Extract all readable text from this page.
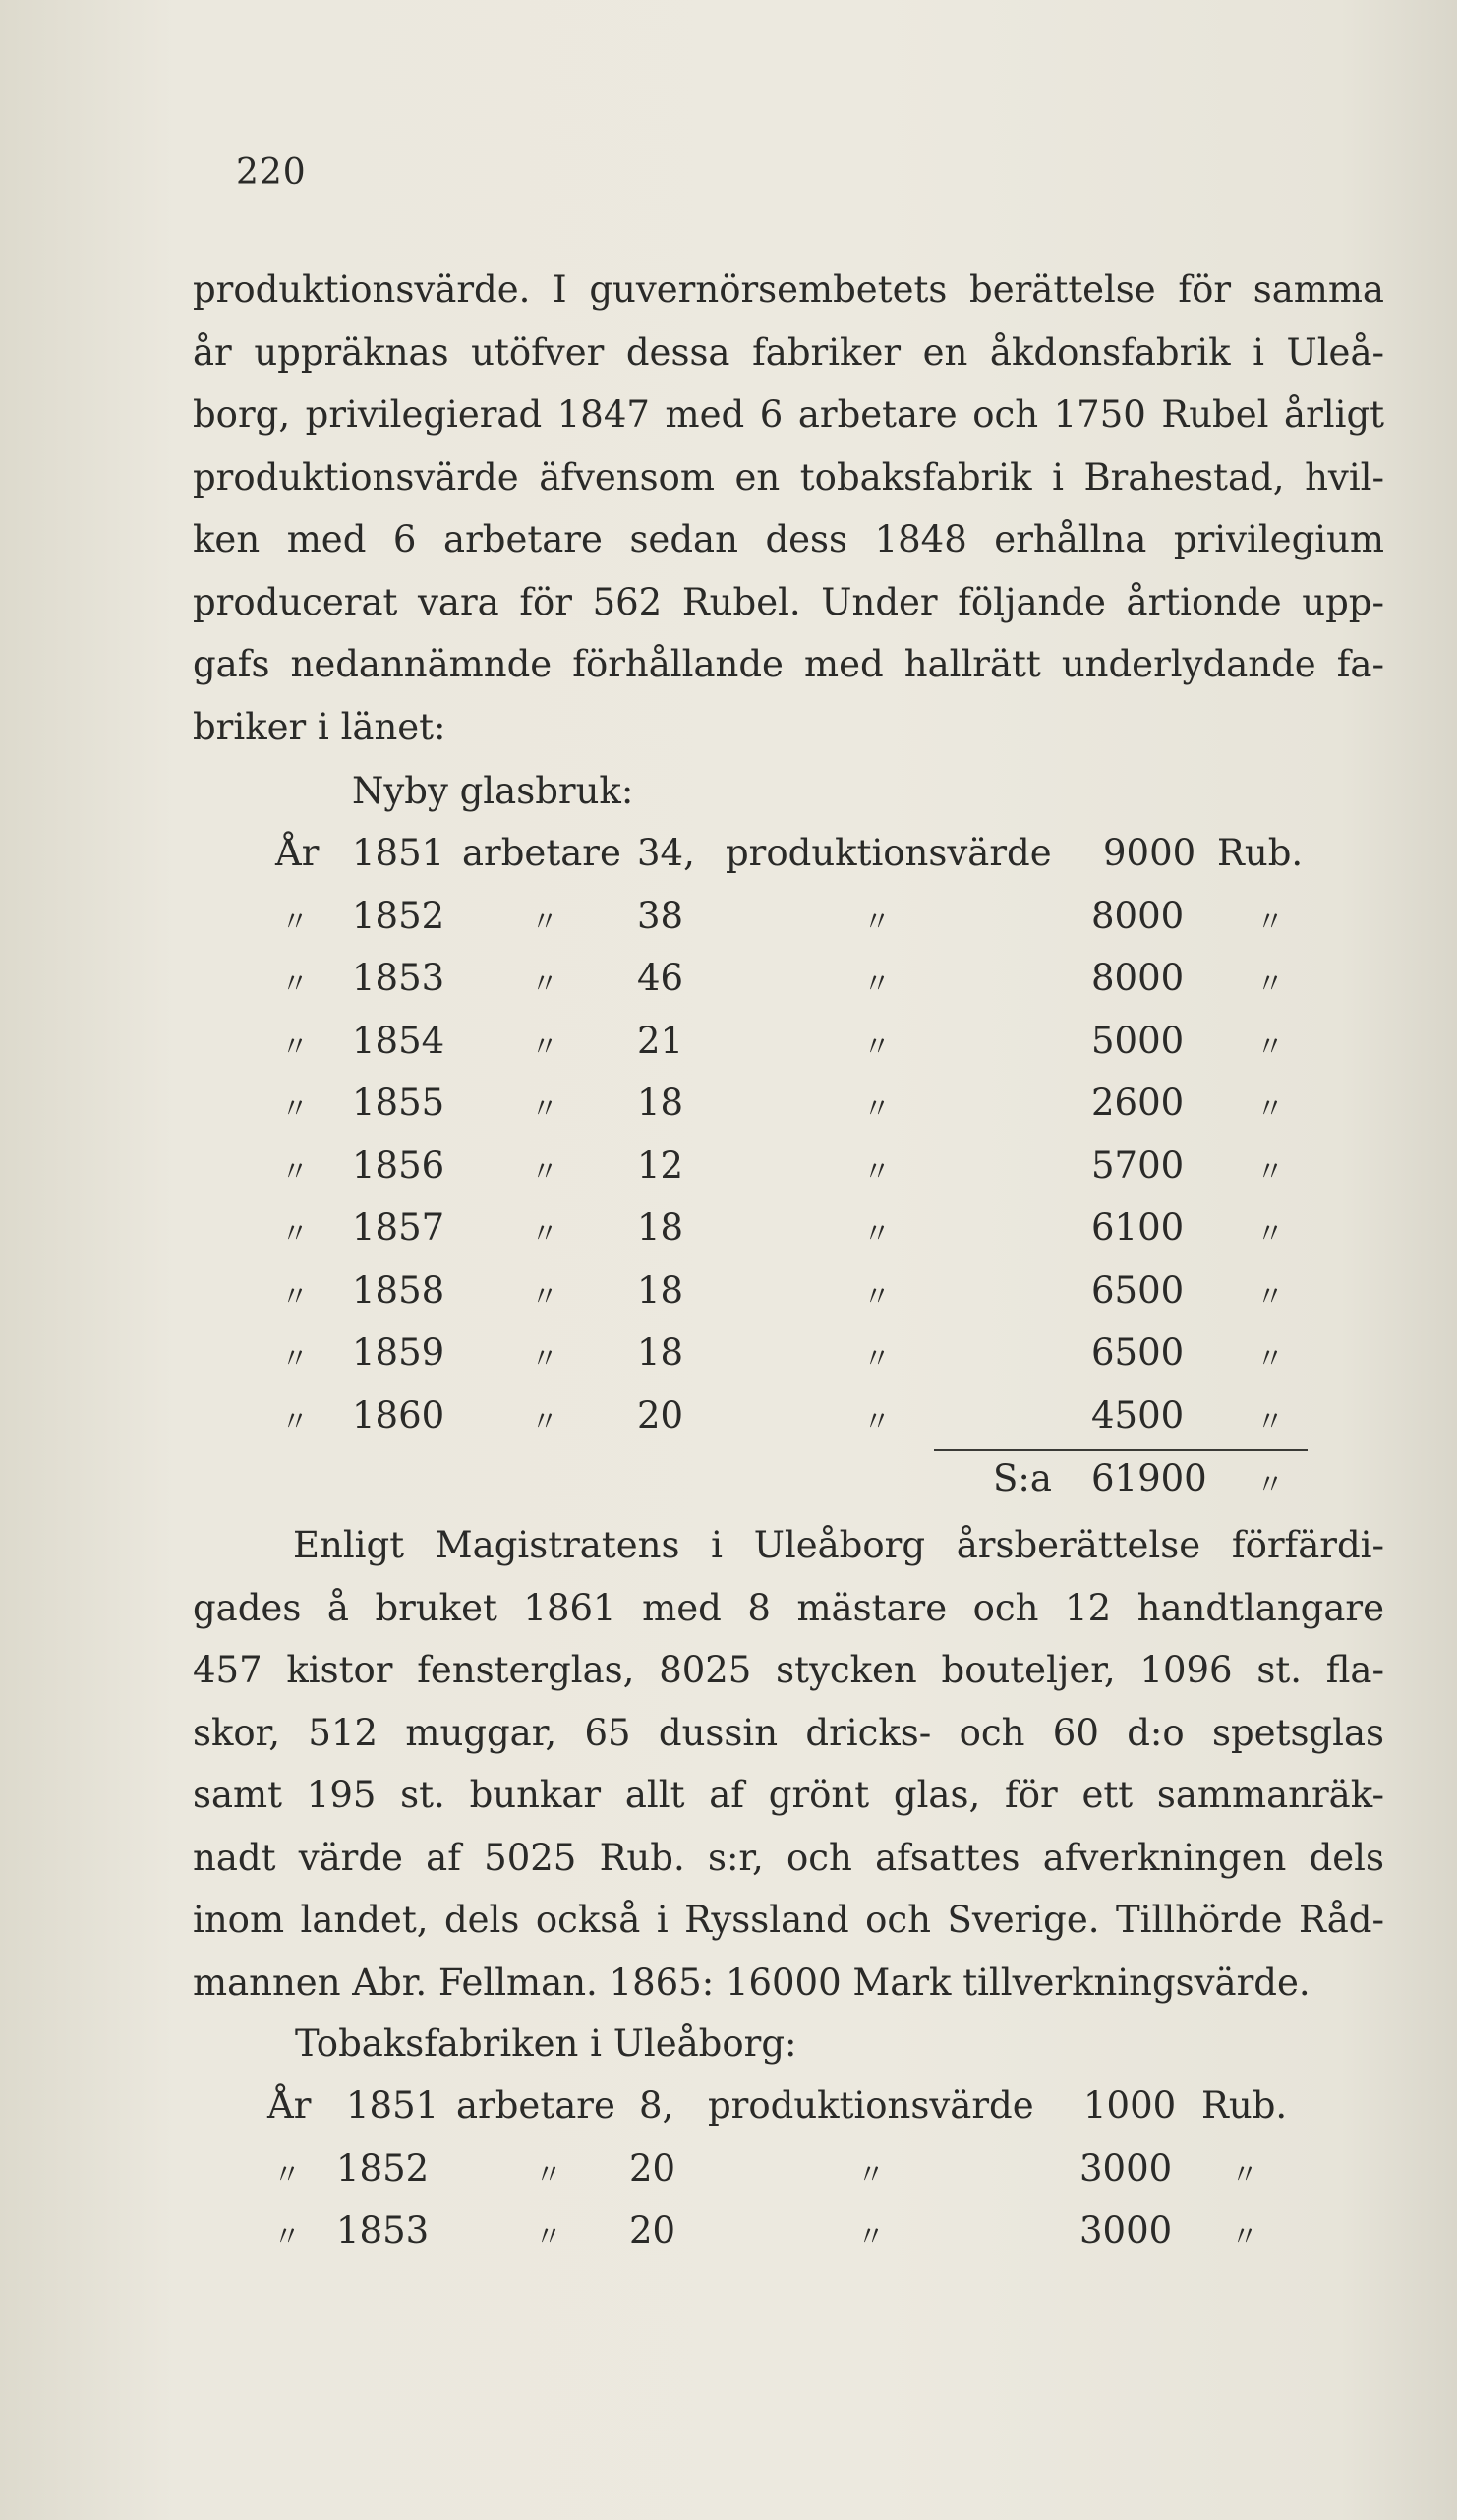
220

produktionsvärde. I guvernörsembetets berättelse för samma
år uppräknas utöfver dessa fabriker en åkdonsfabrik i Uleå-
borg, privilegierad 1847 med 6 arbetare och 1750 Rubel årligt
produktionsvärde äfvensom en tobaksfabrik i Brahestad, hvil-
ken med 6 arbetare sedan dess 1848 erhållna privilegium
producerat vara för 562 Rubel. Under följande årtionde upp-
gafs nedannämnde förhållande med hallrätt underlydande fa-
briker i länet:

Nyby glasbruk:

År 1851 arbetare 34, produktionsvärde 9000 Rub.
〃 1852	〃 38	〃	8000	〃
〃 1853	〃 46	〃	8000	〃
〃 1854	〃 21	〃	5000	〃
〃 1855	〃 18	〃	2600	〃
〃 1856	〃 12	〃	5700	〃
〃 1857	〃 18	〃	6100	〃
〃 1858	〃 18	〃	6500	〃
〃 1859	〃 18	〃	6500	〃
〃 1860	〃 20	〃	4500	〃
S:a 61900 〃

Enligt Magistratens i Uleåborg årsberättelse förfärdi-
gades å bruket 1861 med 8 mästare och 12 handtlangare
457 kistor fensterglas, 8025 stycken bouteljer, 1096 st. fla-
skor, 512 muggar, 65 dussin dricks- och 60 d:o spetsglas
samt 195 st. bunkar allt af grönt glas, för ett sammanräk-
nadt värde af 5025 Rub. s:r, och afsattes afverkningen dels
inom landet, dels också i Ryssland och Sverige. Tillhörde Råd-
mannen Abr. Fellman. 1865: 16000 Mark tillverkningsvärde.

Tobaksfabriken i Uleåborg:

År 1851 arbetare 8, produktionsvärde 1000 Rub.
〃 1852	〃 20	〃	3000 〃
〃 1853	〃 20	〃	3000 〃
